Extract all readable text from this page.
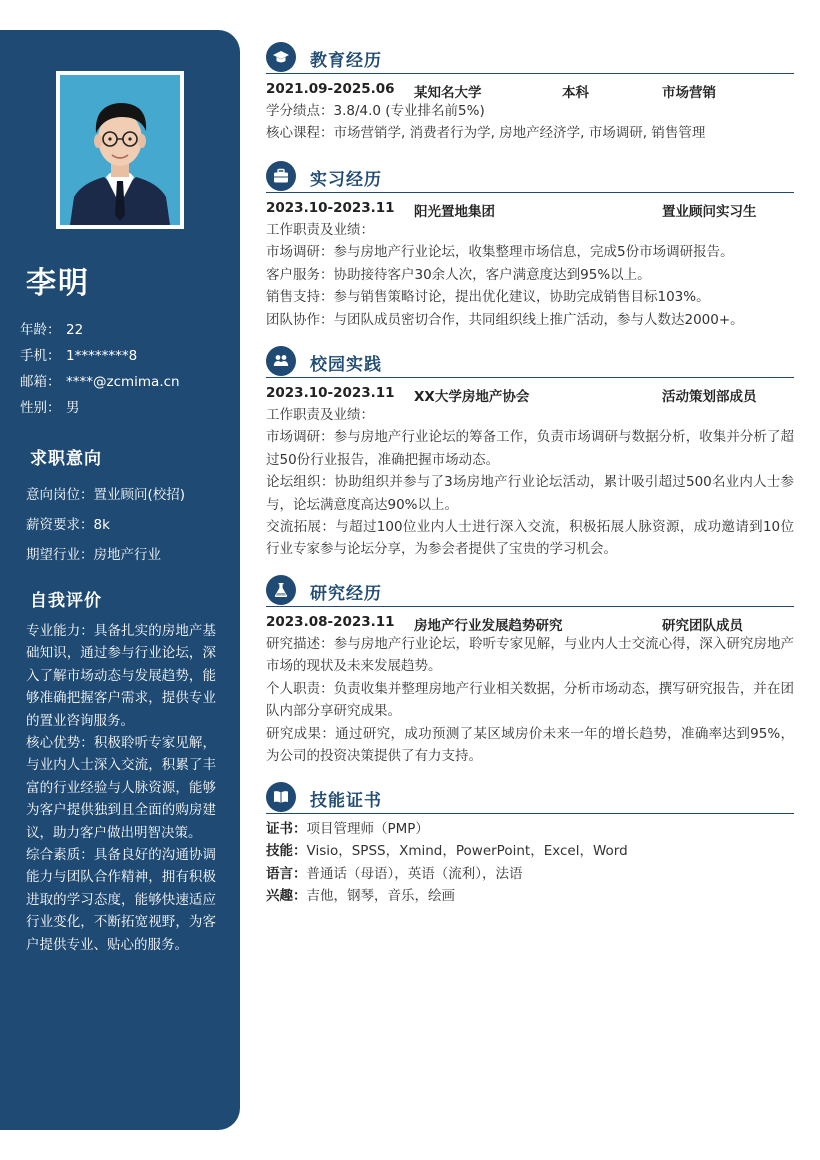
李明
年龄： 22
手机： 1********8
邮箱： ****@zcmima.cn
性别： 男
求职意向
意向岗位：置业顾问(校招)
薪资要求：8k
期望行业：房地产行业
自我评价

专业能力：具备扎实的房地产基础知识，通过参与行业论坛，深入了解市场动态与发展趋势，能够准确把握客户需求，提供专业的置业咨询服务。

核心优势：积极聆听专家见解，与业内人士深入交流，积累了丰富的行业经验与人脉资源，能够为客户提供独到且全面的购房建议，助力客户做出明智决策。

综合素质：具备良好的沟通协调能力与团队合作精神，拥有积极进取的学习态度，能够快速适应行业变化，不断拓宽视野，为客户提供专业、贴心的服务。

教育经历
2021.09-2025.06 某知名大学	本科	市场营销

学分绩点：3.8/4.0 (专业排名前5%)

核心课程：市场营销学, 消费者行为学, 房地产经济学, 市场调研, 销售管理

实习经历
2023.10-2023.11 阳光置地集团	置业顾问实习生

工作职责及业绩：

市场调研：参与房地产行业论坛，收集整理市场信息，完成5份市场调研报告。

客户服务：协助接待客户30余人次，客户满意度达到95%以上。

销售支持：参与销售策略讨论，提出优化建议，协助完成销售目标103%。

团队协作：与团队成员密切合作，共同组织线上推广活动，参与人数达2000+。

校园实践
2023.10-2023.11 XX大学房地产协会	活动策划部成员

工作职责及业绩：

市场调研：参与房地产行业论坛的筹备工作，负责市场调研与数据分析，收集并分析了超过50份行业报告，准确把握市场动态。

论坛组织：协助组织并参与了3场房地产行业论坛活动，累计吸引超过500名业内人士参与，论坛满意度高达90%以上。

交流拓展：与超过100位业内人士进行深入交流，积极拓展人脉资源，成功邀请到10位行业专家参与论坛分享，为参会者提供了宝贵的学习机会。

研究经历
2023.08-2023.11 房地产行业发展趋势研究	研究团队成员

研究描述：参与房地产行业论坛，聆听专家见解，与业内人士交流心得，深入研究房地产市场的现状及未来发展趋势。

个人职责：负责收集并整理房地产行业相关数据，分析市场动态，撰写研究报告，并在团队内部分享研究成果。

研究成果：通过研究，成功预测了某区域房价未来一年的增长趋势，准确率达到95%，为公司的投资决策提供了有力支持。

技能证书

证书：项目管理师（PMP）

技能：Visio，SPSS，Xmind，PowerPoint，Excel，Word

语言：普通话（母语），英语（流利），法语

兴趣：吉他，钢琴，音乐，绘画
